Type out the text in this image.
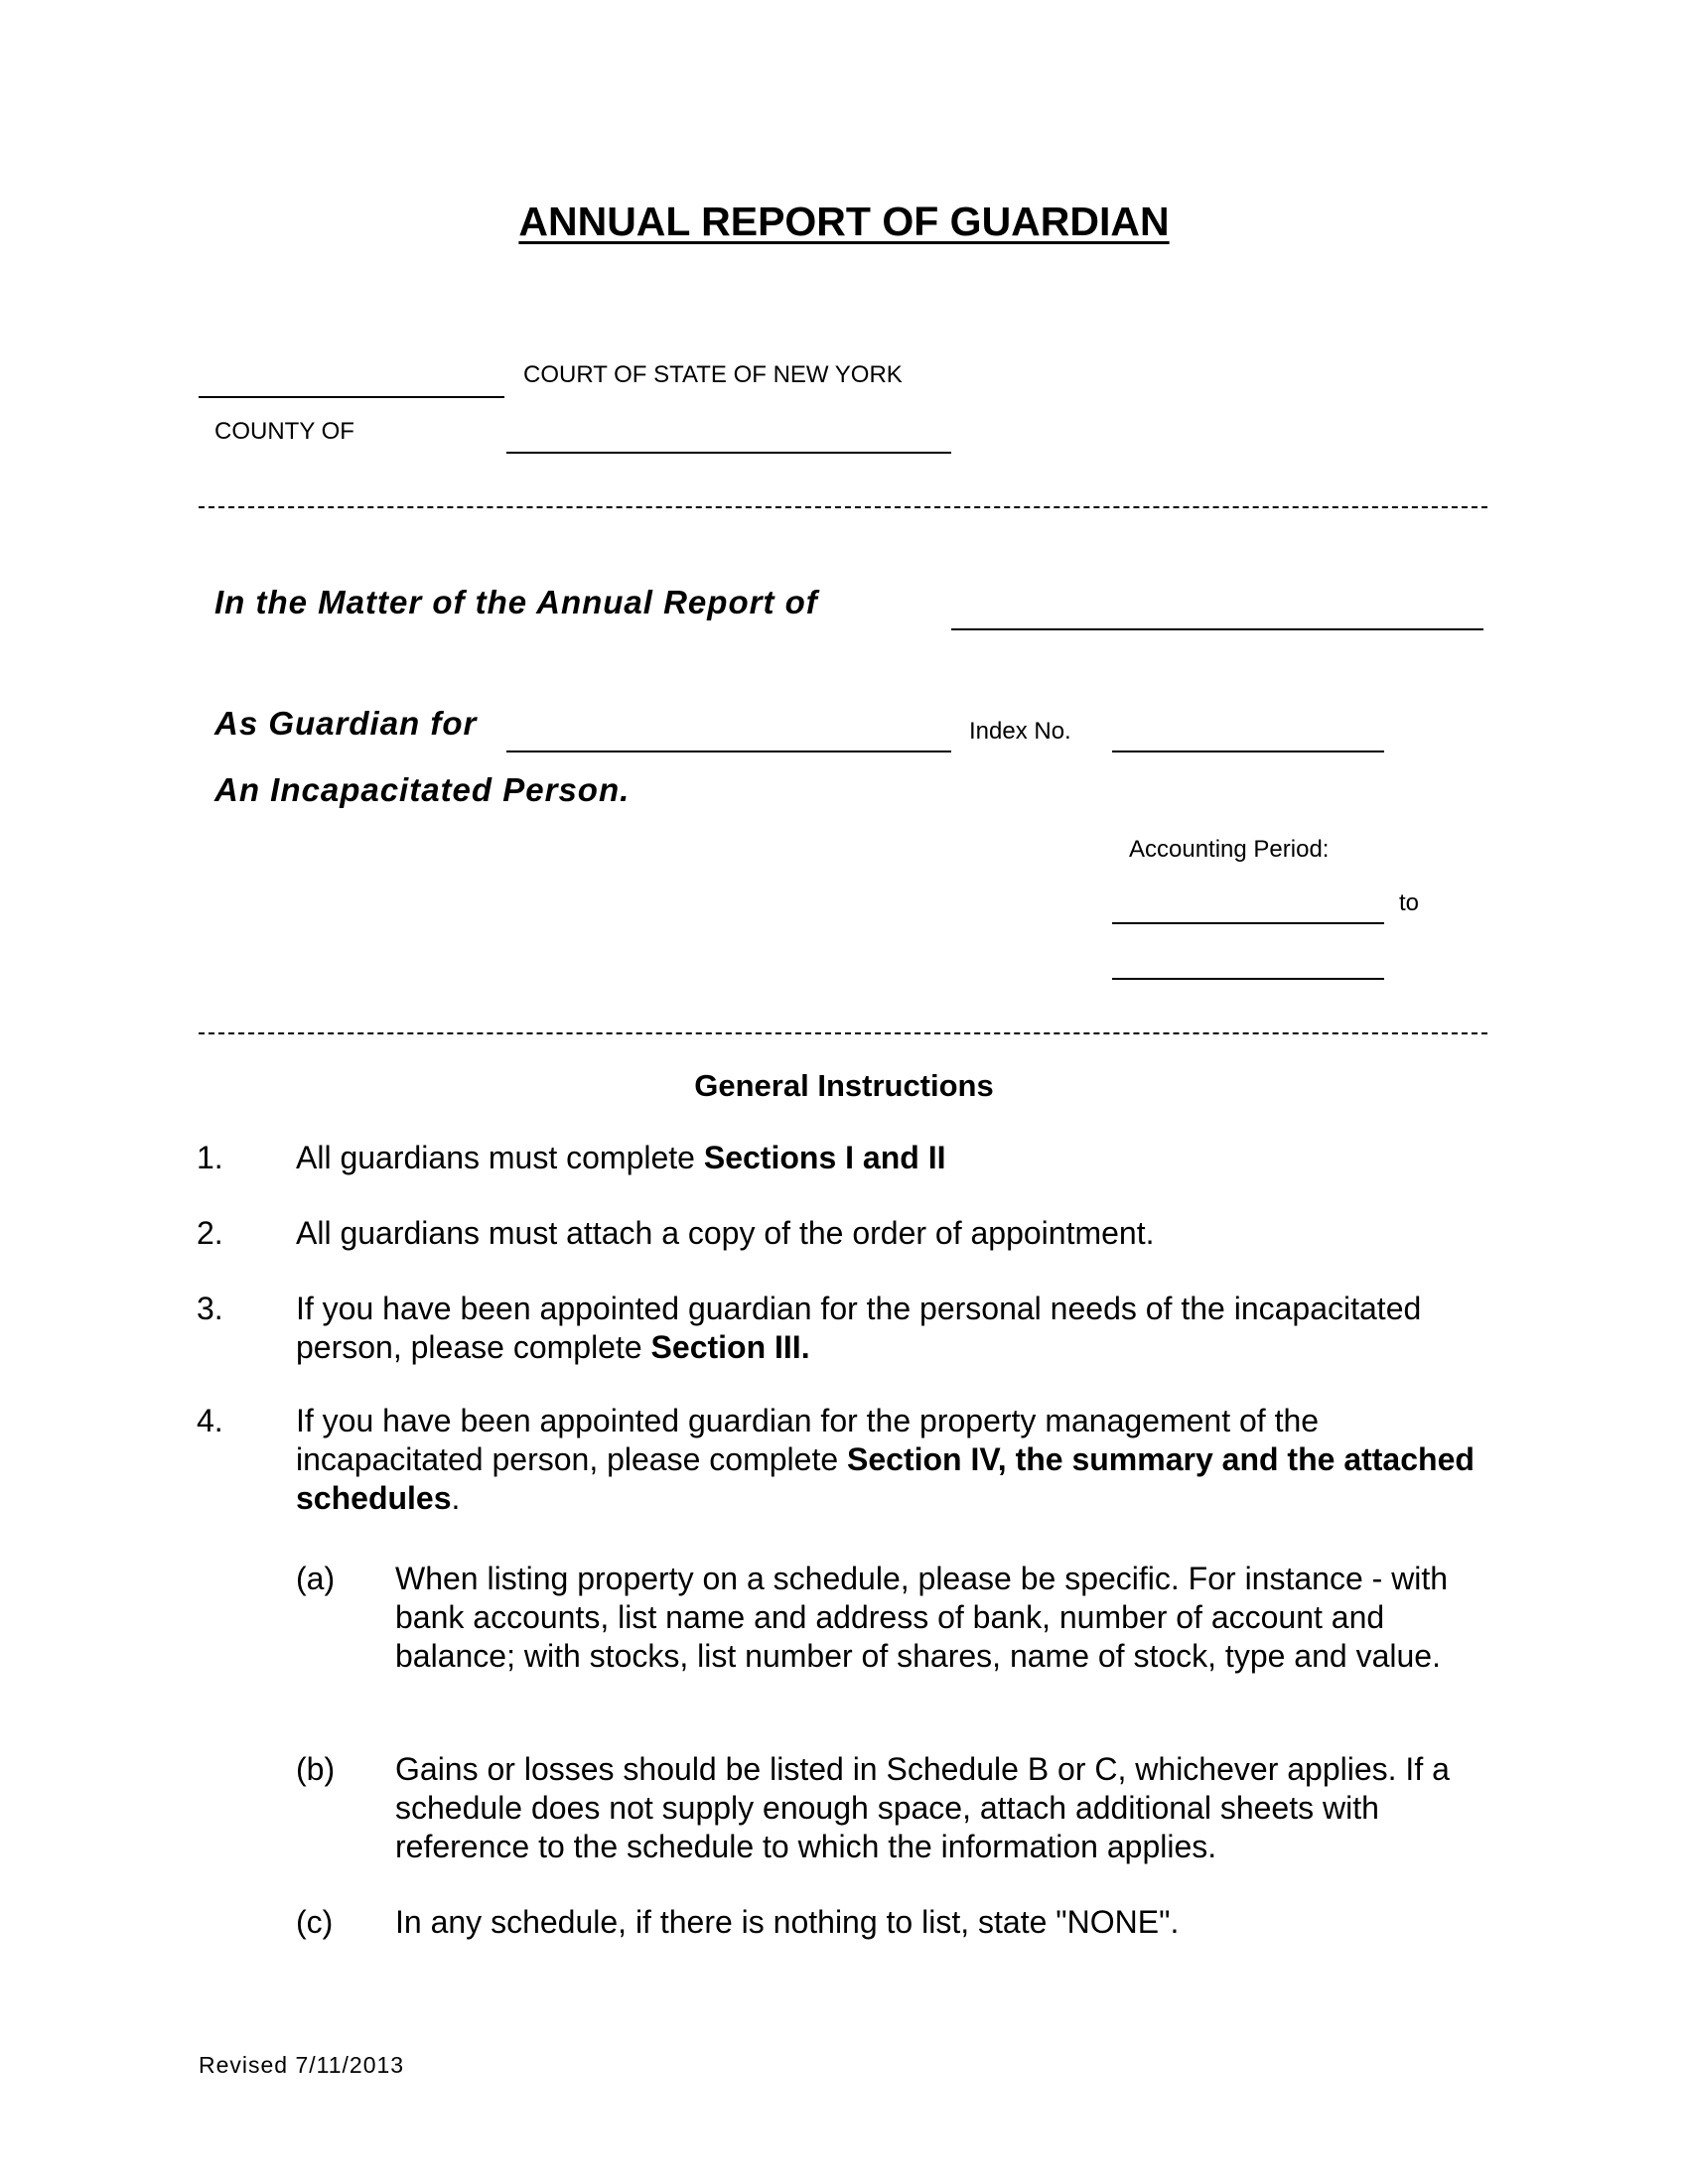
ANNUAL REPORT OF GUARDIAN
COURT OF STATE OF NEW YORK
COUNTY OF
In the Matter of the Annual Report of
As Guardian for	Index No.
An Incapacitated Person.
Accounting Period:
to
General Instructions
1. All guardians must complete Sections I and II
2. All guardians must attach a copy of the order of appointment.
3. If you have been appointed guardian for the personal needs of the incapacitated person, please complete Section III.
4. If you have been appointed guardian for the property management of the incapacitated person, please complete Section IV, the summary and the attached schedules.
(a) When listing property on a schedule, please be specific. For instance - with bank accounts, list name and address of bank, number of account and balance; with stocks, list number of shares, name of stock, type and value.
(b) Gains or losses should be listed in Schedule B or C, whichever applies. If a schedule does not supply enough space, attach additional sheets with reference to the schedule to which the information applies.
(c) In any schedule, if there is nothing to list, state "NONE".
Revised 7/11/2013
